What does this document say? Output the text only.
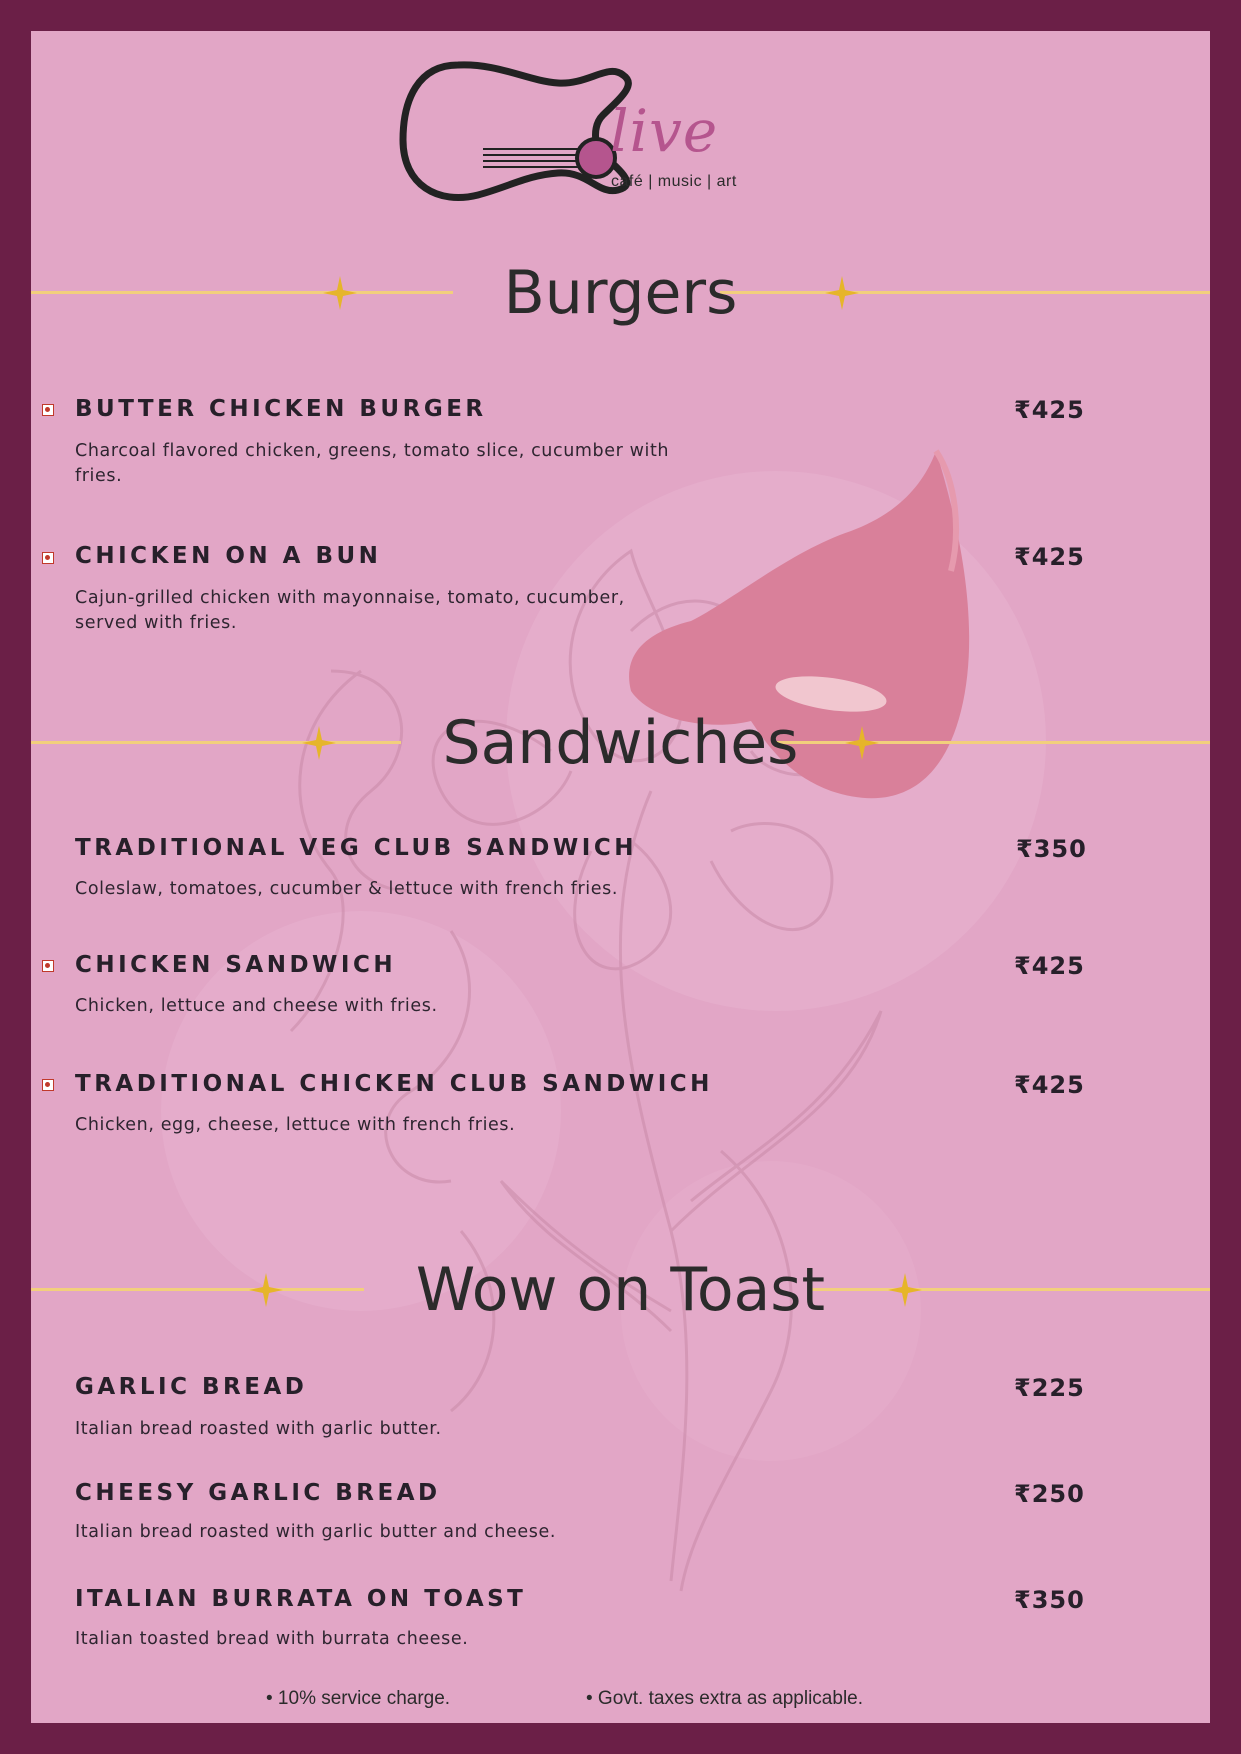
live
café | music | art
Burgers
BUTTER CHICKEN BURGER	₹425
Charcoal flavored chicken, greens, tomato slice, cucumber with fries.
CHICKEN ON A BUN	₹425
Cajun-grilled chicken with mayonnaise, tomato, cucumber, served with fries.
Sandwiches
TRADITIONAL VEG CLUB SANDWICH	₹350
Coleslaw, tomatoes, cucumber & lettuce with french fries.
CHICKEN SANDWICH	₹425
Chicken, lettuce and cheese with fries.
TRADITIONAL CHICKEN CLUB SANDWICH	₹425
Chicken, egg, cheese, lettuce with french fries.
Wow on Toast
GARLIC BREAD	₹225
Italian bread roasted with garlic butter.
CHEESY GARLIC BREAD	₹250
Italian bread roasted with garlic butter and cheese.
ITALIAN BURRATA ON TOAST	₹350
Italian toasted bread with burrata cheese.
• 10% service charge.	• Govt. taxes extra as applicable.
